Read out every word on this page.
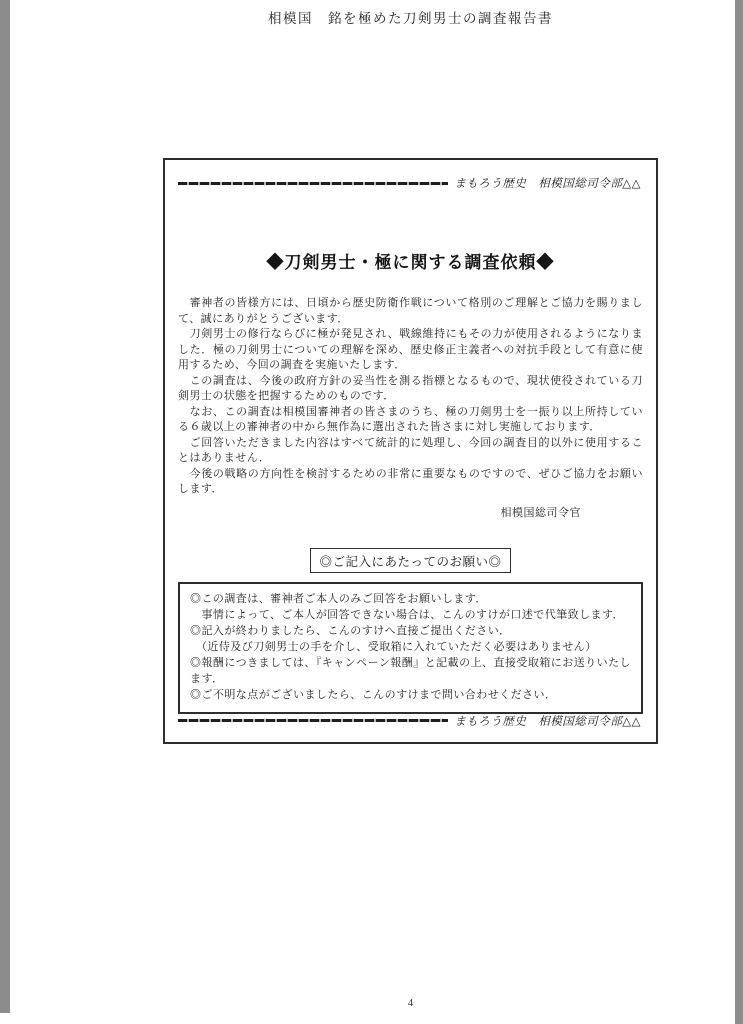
相模国　銘を極めた刀剣男士の調査報告書
まもろう歴史　相模国総司令部△△
◆刀剣男士・極に関する調査依頼◆

　審神者の皆様方には、日頃から歴史防衛作戦について格別のご理解とご協力を賜りまして、誠にありがとうございます．

　刀剣男士の修行ならびに極が発見され、戦線維持にもその力が使用されるようになりました．極の刀剣男士についての理解を深め、歴史修正主義者への対抗手段として有意に使用するため、今回の調査を実施いたします．

　この調査は、今後の政府方針の妥当性を測る指標となるもので、現状使役されている刀剣男士の状態を把握するためのものです．

　なお、この調査は相模国審神者の皆さまのうち、極の刀剣男士を一振り以上所持している６歳以上の審神者の中から無作為に選出された皆さまに対し実施しております．

　ご回答いただきました内容はすべて統計的に処理し、今回の調査目的以外に使用することはありません．

　今後の戦略の方向性を検討するための非常に重要なものですので、ぜひご協力をお願いします．

相模国総司令官
◎ご記入にあたってのお願い◎

◎この調査は、審神者ご本人のみご回答をお願いします．

　事情によって、ご本人が回答できない場合は、こんのすけが口述で代筆致します．

◎記入が終わりましたら、こんのすけへ直接ご提出ください．

　（近侍及び刀剣男士の手を介し、受取箱に入れていただく必要はありません）

◎報酬につきましては、『キャンペーン報酬』と記載の上、直接受取箱にお送りいたします．

◎ご不明な点がございましたら、こんのすけまで問い合わせください．

まもろう歴史　相模国総司令部△△
4
